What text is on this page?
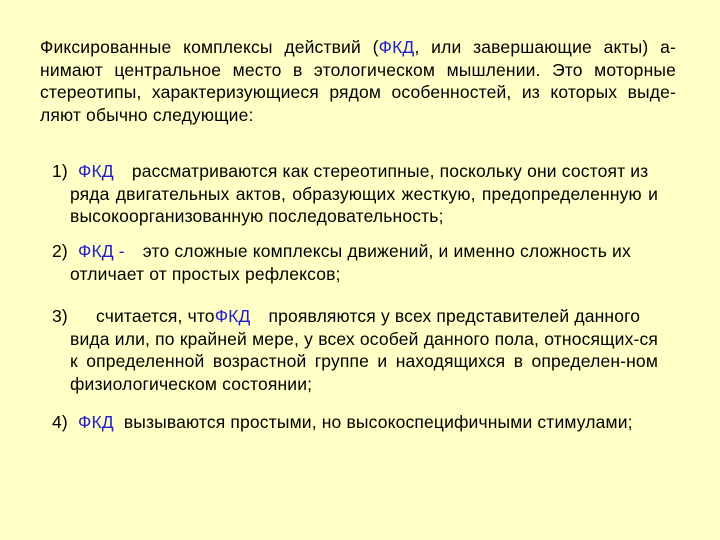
Фиксированные комплексы действий (ФКД, или завершающие акты) а-нимают центральное место в этологическом мышлении. Это моторные стереотипы, характеризующиеся рядом особенностей, из которых выде-ляют обычно следующие:
1) ФКД рассматриваются как стереотипные, поскольку они состоят из
ряда двигательных актов, образующих жесткую, предопределенную и высокоорганизованную последовательность;
2) ФКД - это сложные комплексы движений, и именно сложность их
отличает от простых рефлексов;
3) считается, чтоФКД проявляются у всех представителей данного
вида или, по крайней мере, у всех особей данного пола, относящих-ся к определенной возрастной группе и находящихся в определен-ном физиологическом состоянии;
4) ФКД вызываются простыми, но высокоспецифичными стимулами;
